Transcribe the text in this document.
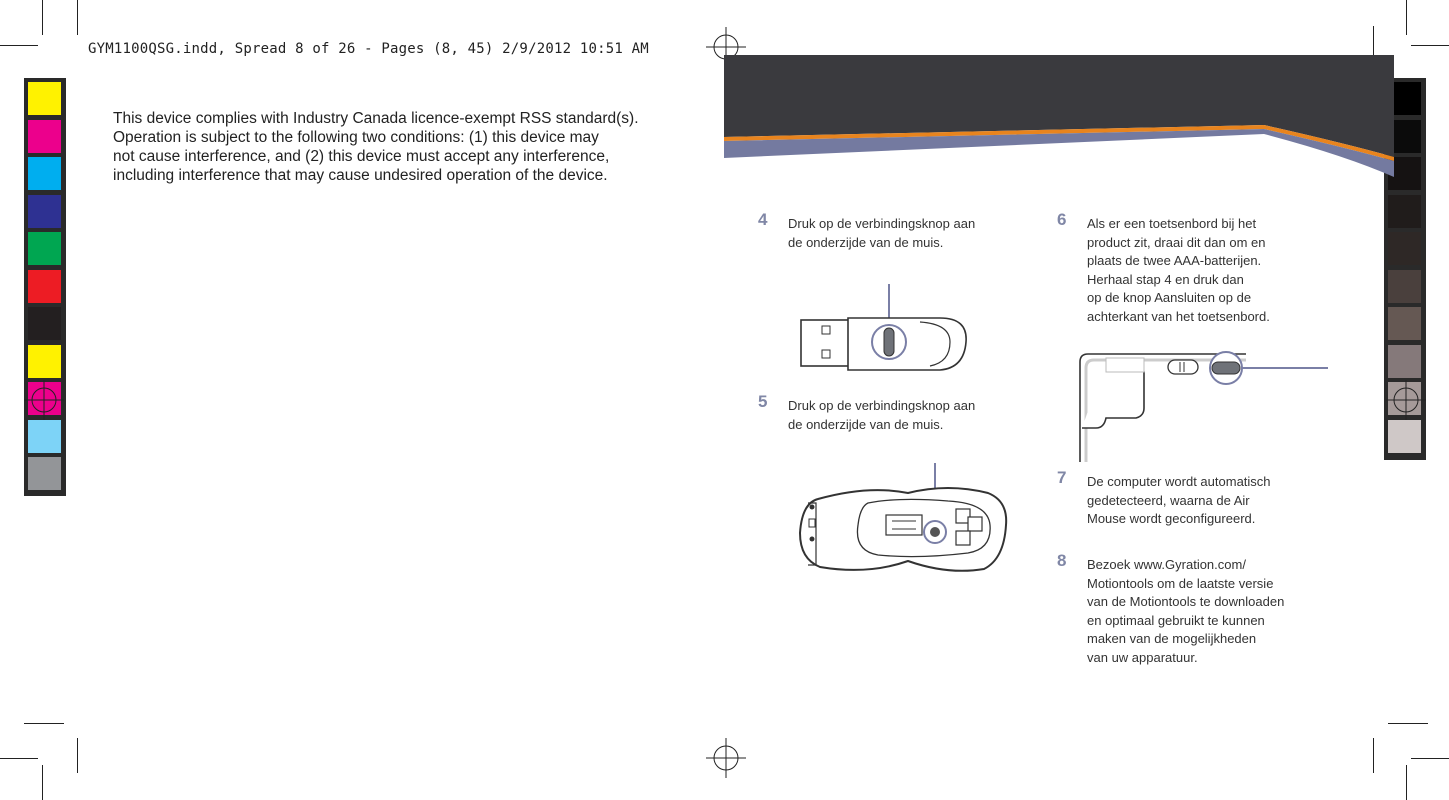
GYM1100QSG.indd, Spread 8 of 26 - Pages (8, 45) 2/9/2012 10:51 AM

This device complies with Industry Canada licence-exempt RSS standard(s).

Operation is subject to the following two conditions: (1) this device may

not cause interference, and (2) this device must accept any interference,

including interference that may cause undesired operation of the device.

4 Druk op de verbindingsknop aan
de onderzijde van de muis.
5 Druk op de verbindingsknop aan
de onderzijde van de muis.
6 Als er een toetsenbord bij het
product zit, draai dit dan om en
plaats de twee AAA-batterijen.
Herhaal stap 4 en druk dan
op de knop Aansluiten op de
achterkant van het toetsenbord.
7 De computer wordt automatisch
gedetecteerd, waarna de Air
Mouse wordt geconfigureerd.
8 Bezoek www.Gyration.com/
Motiontools om de laatste versie
van de Motiontools te downloaden
en optimaal gebruikt te kunnen
maken van de mogelijkheden
van uw apparatuur.
